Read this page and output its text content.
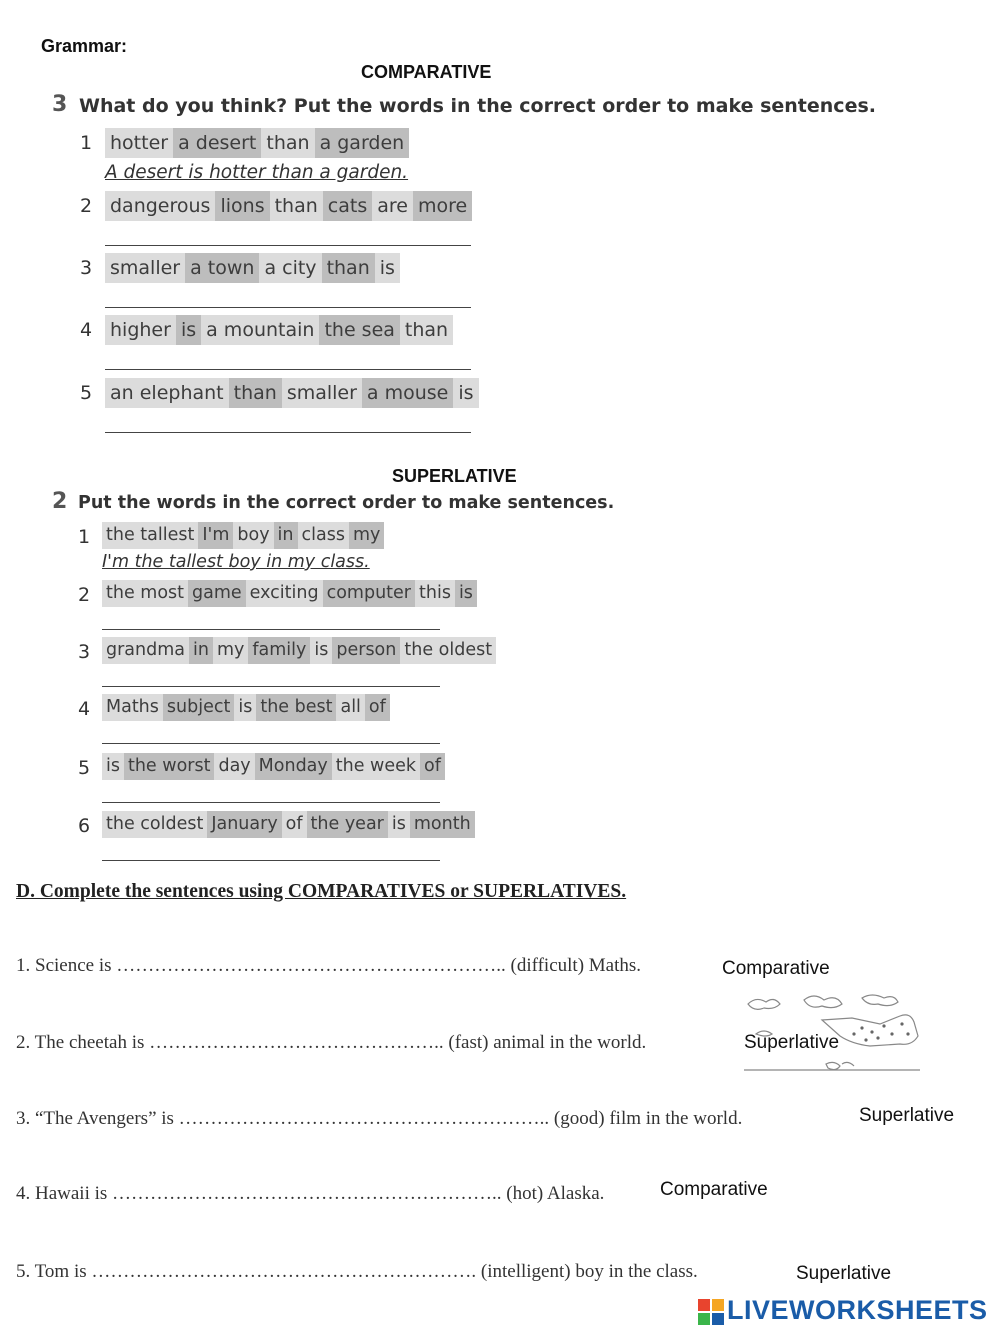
Grammar:
COMPARATIVE
3 What do you think? Put the words in the correct order to make sentences.
1 hotter a desert than a garden
A desert is hotter than a garden.
2 dangerous lions than cats are more
3 smaller a town a city than is
4 higher is a mountain the sea than
5 an elephant than smaller a mouse is
SUPERLATIVE
2 Put the words in the correct order to make sentences.
1 the tallest I'm boy in class my
I'm the tallest boy in my class.
2 the most game exciting computer this is
3 grandma in my family is person the oldest
4 Maths subject is the best all of
5 is the worst day Monday the week of
6 the coldest January of the year is month
D. Complete the sentences using COMPARATIVES or SUPERLATIVES.
1. Science is …………………………………………………….. (difficult) Maths.	Comparative
2. The cheetah is ……………………………………….. (fast) animal in the world.	Superlative
3. “The Avengers” is ………………………………………………….. (good) film in the world.	Superlative
4. Hawaii is …………………………………………………….. (hot) Alaska.	Comparative
5. Tom is ……………………………………………………. (intelligent) boy in the class.	Superlative
LIVEWORKSHEETS
